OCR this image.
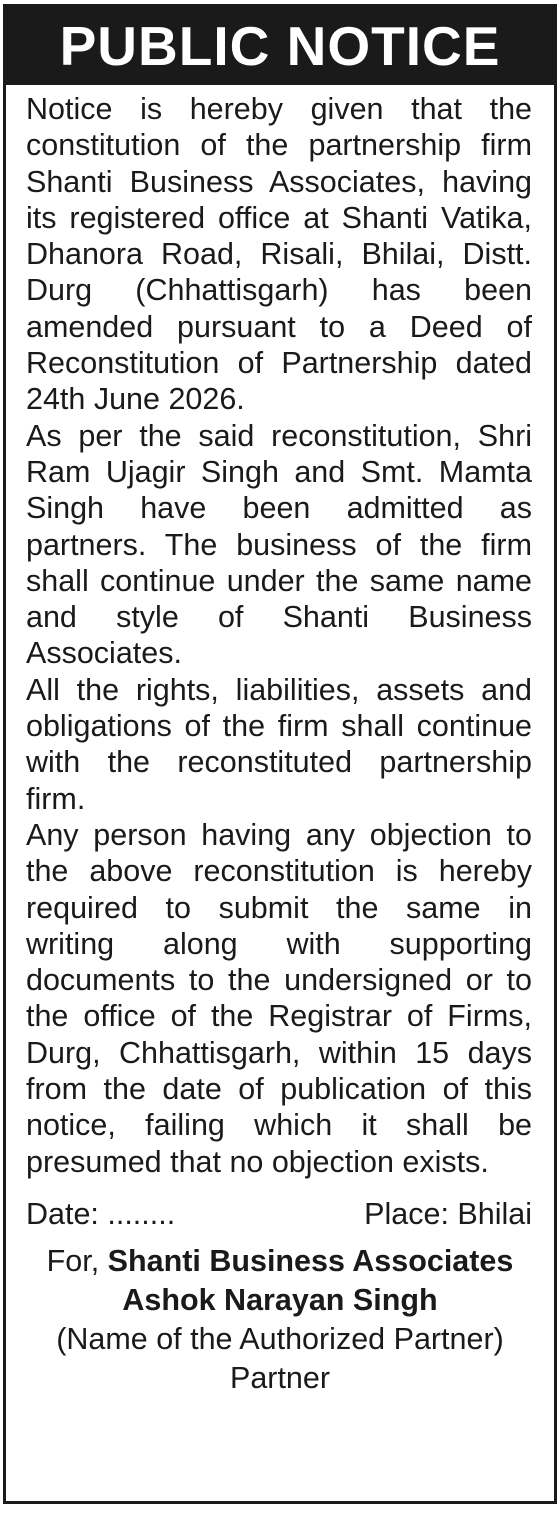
PUBLIC NOTICE

Notice is hereby given that the constitution of the partnership firm Shanti Business Associates, having its registered office at Shanti Vatika, Dhanora Road, Risali, Bhilai, Distt. Durg (Chhattisgarh) has been amended pursuant to a Deed of Reconstitution of Partnership dated 24th June 2026.

As per the said reconstitution, Shri Ram Ujagir Singh and Smt. Mamta Singh have been admitted as partners. The business of the firm shall continue under the same name and style of Shanti Business Associates.

All the rights, liabilities, assets and obligations of the firm shall continue with the reconstituted partnership firm.

Any person having any objection to the above reconstitution is hereby required to submit the same in writing along with supporting documents to the undersigned or to the office of the Registrar of Firms, Durg, Chhattisgarh, within 15 days from the date of publication of this notice, failing which it shall be presumed that no objection exists.

Date: ........	Place: Bhilai
For, Shanti Business Associates
Ashok Narayan Singh
(Name of the Authorized Partner)
Partner
